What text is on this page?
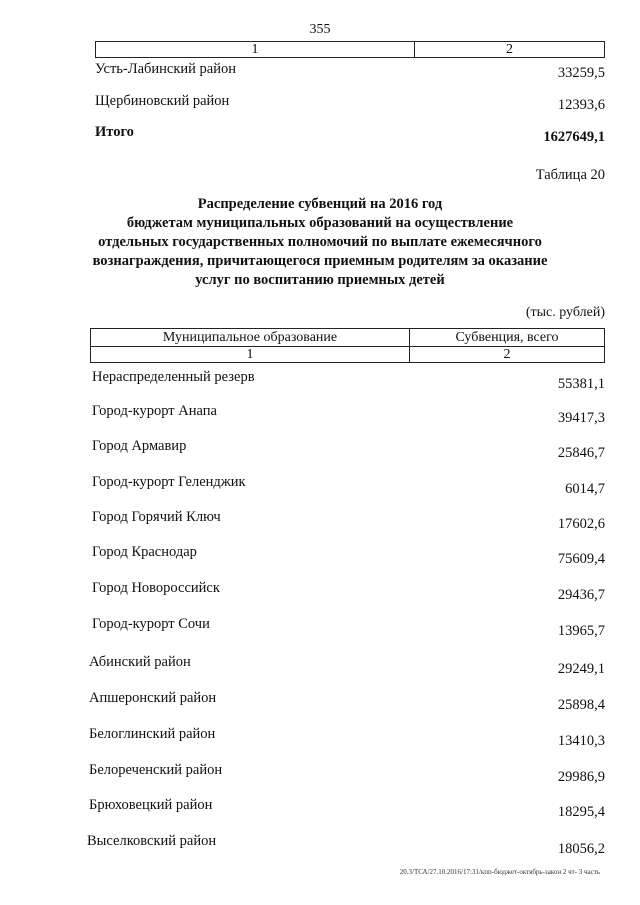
355
1	2
Усть-Лабинский район	33259,5
Щербиновский район	12393,6
Итого	1627649,1
Таблица 20
Распределение субвенций на 2016 год
бюджетам муниципальных образований на осуществление
отдельных государственных полномочий по выплате ежемесячного
вознаграждения, причитающегося приемным родителям за оказание
услуг по воспитанию приемных детей
(тыс. рублей)
Муниципальное образование	Субвенция, всего
1	2
Нераспределенный резерв	55381,1
Город-курорт Анапа	39417,3
Город Армавир	25846,7
Город-курорт Геленджик	6014,7
Город Горячий Ключ	17602,6
Город Краснодар	75609,4
Город Новороссийск	29436,7
Город-курорт Сочи	13965,7
Абинский район	29249,1
Апшеронский район	25898,4
Белоглинский район	13410,3
Белореченский район	29986,9
Брюховецкий район	18295,4
Выселковский район	18056,2
20.3/ТСА/27.10.2016/17:31/кпп-бюджет-октябрь-закон 2 чт- 3 часть
